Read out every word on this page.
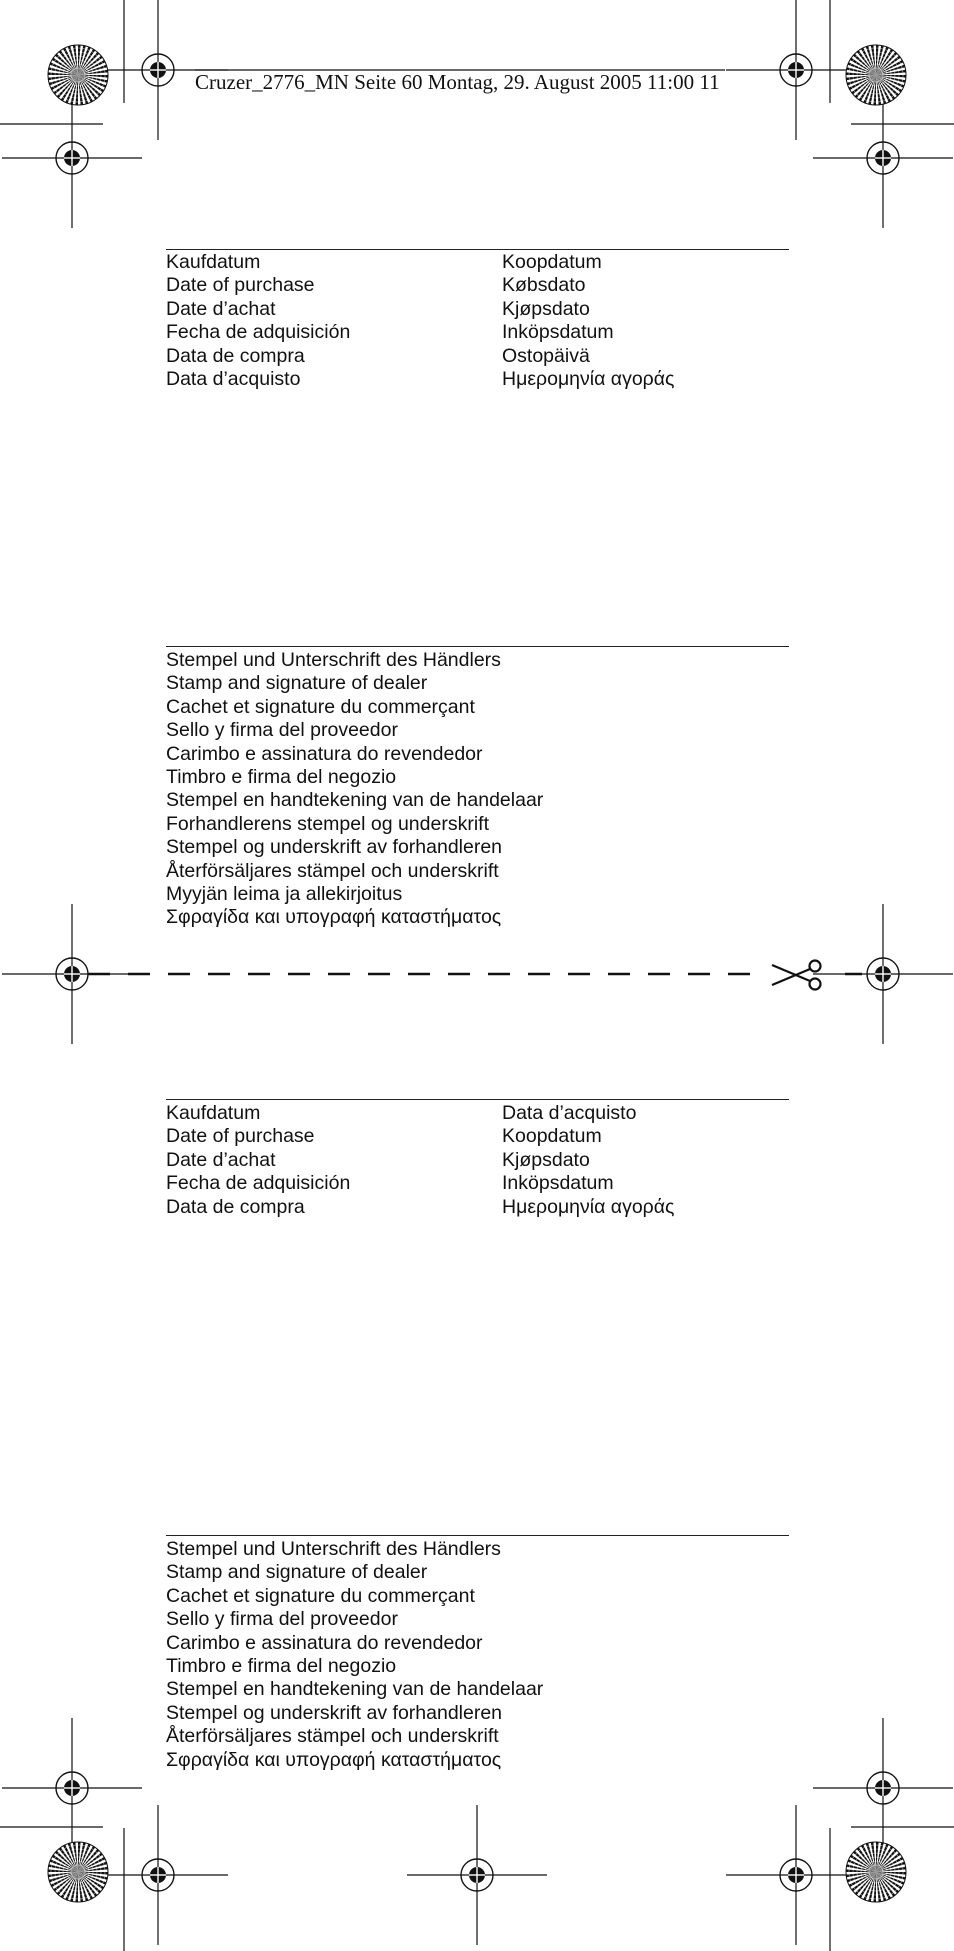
Cruzer_2776_MN Seite 60 Montag, 29. August 2005 11:00 11
Kaufdatum
Date of purchase
Date d’achat
Fecha de adquisición
Data de compra
Data d’acquisto
Koopdatum
Købsdato
Kjøpsdato
Inköpsdatum
Ostopäivä
Ημερομηνία αγοράς
Stempel und Unterschrift des Händlers
Stamp and signature of dealer
Cachet et signature du commerçant
Sello y firma del proveedor
Carimbo e assinatura do revendedor
Timbro e firma del negozio
Stempel en handtekening van de handelaar
Forhandlerens stempel og underskrift
Stempel og underskrift av forhandleren
Återförsäljares stämpel och underskrift
Myyjän leima ja allekirjoitus
Σφραγίδα και υπογραφή καταστήματος
Kaufdatum
Date of purchase
Date d’achat
Fecha de adquisición
Data de compra
Data d’acquisto
Koopdatum
Kjøpsdato
Inköpsdatum
Ημερομηνία αγοράς
Stempel und Unterschrift des Händlers
Stamp and signature of dealer
Cachet et signature du commerçant
Sello y firma del proveedor
Carimbo e assinatura do revendedor
Timbro e firma del negozio
Stempel en handtekening van de handelaar
Stempel og underskrift av forhandleren
Återförsäljares stämpel och underskrift
Σφραγίδα και υπογραφή καταστήματος
